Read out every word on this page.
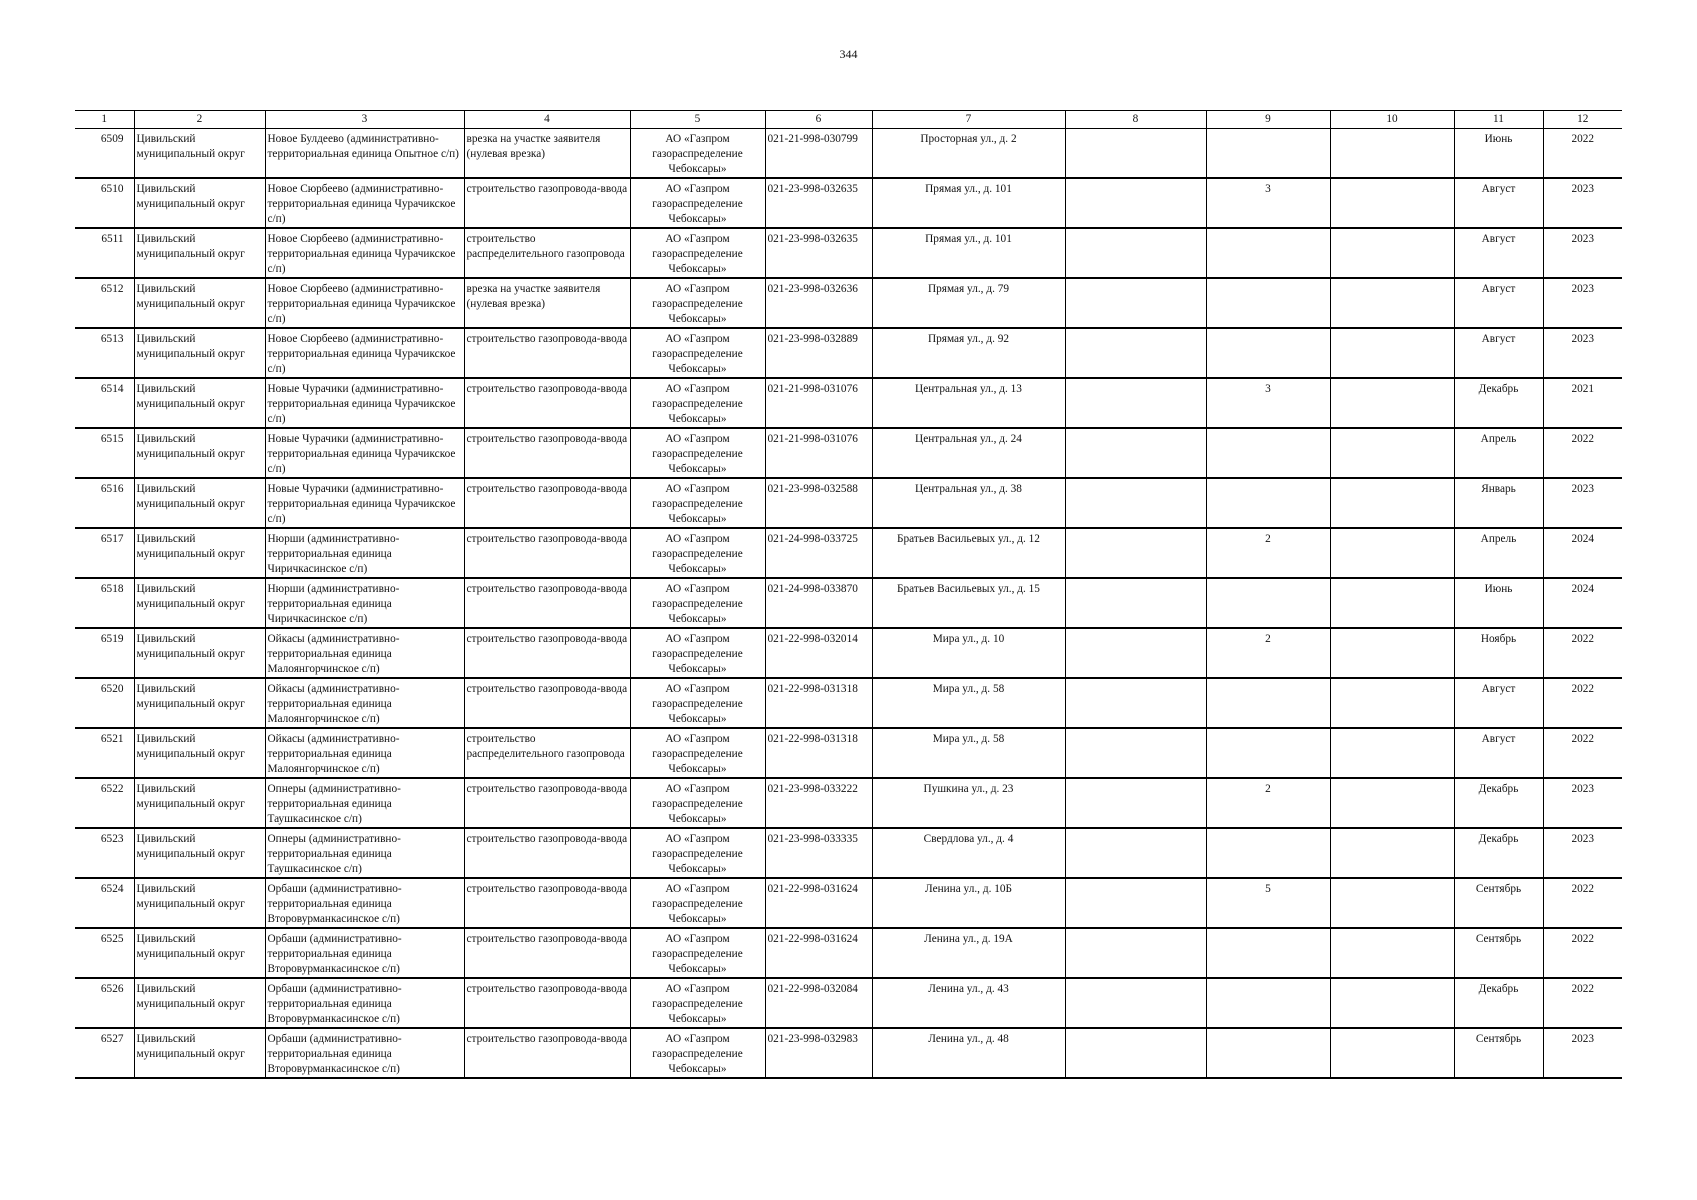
344
1	2	3	4	5	6	7	8	9	10	11	12
6509	Цивильский муниципальный округ	Новое Булдеево (административно-территориальная единица Опытное с/п)	врезка на участке заявителя (нулевая врезка)	АО «Газпром газораспределение Чебоксары»	021-21-998-030799	Просторная ул., д. 2				Июнь	2022
6510	Цивильский муниципальный округ	Новое Сюрбеево (административно-территориальная единица Чурачикское с/п)	строительство газопровода-ввода	АО «Газпром газораспределение Чебоксары»	021-23-998-032635	Прямая ул., д. 101		3		Август	2023
6511	Цивильский муниципальный округ	Новое Сюрбеево (административно-территориальная единица Чурачикское с/п)	строительство распределительного газопровода	АО «Газпром газораспределение Чебоксары»	021-23-998-032635	Прямая ул., д. 101				Август	2023
6512	Цивильский муниципальный округ	Новое Сюрбеево (административно-территориальная единица Чурачикское с/п)	врезка на участке заявителя (нулевая врезка)	АО «Газпром газораспределение Чебоксары»	021-23-998-032636	Прямая ул., д. 79				Август	2023
6513	Цивильский муниципальный округ	Новое Сюрбеево (административно-территориальная единица Чурачикское с/п)	строительство газопровода-ввода	АО «Газпром газораспределение Чебоксары»	021-23-998-032889	Прямая ул., д. 92				Август	2023
6514	Цивильский муниципальный округ	Новые Чурачики (административно-территориальная единица Чурачикское с/п)	строительство газопровода-ввода	АО «Газпром газораспределение Чебоксары»	021-21-998-031076	Центральная ул., д. 13		3		Декабрь	2021
6515	Цивильский муниципальный округ	Новые Чурачики (административно-территориальная единица Чурачикское с/п)	строительство газопровода-ввода	АО «Газпром газораспределение Чебоксары»	021-21-998-031076	Центральная ул., д. 24				Апрель	2022
6516	Цивильский муниципальный округ	Новые Чурачики (административно-территориальная единица Чурачикское с/п)	строительство газопровода-ввода	АО «Газпром газораспределение Чебоксары»	021-23-998-032588	Центральная ул., д. 38				Январь	2023
6517	Цивильский муниципальный округ	Нюрши (административно-территориальная единица Чиричкасинское с/п)	строительство газопровода-ввода	АО «Газпром газораспределение Чебоксары»	021-24-998-033725	Братьев Васильевых ул., д. 12		2		Апрель	2024
6518	Цивильский муниципальный округ	Нюрши (административно-территориальная единица Чиричкасинское с/п)	строительство газопровода-ввода	АО «Газпром газораспределение Чебоксары»	021-24-998-033870	Братьев Васильевых ул., д. 15				Июнь	2024
6519	Цивильский муниципальный округ	Ойкасы (административно-территориальная единица Малоянгорчинское с/п)	строительство газопровода-ввода	АО «Газпром газораспределение Чебоксары»	021-22-998-032014	Мира ул., д. 10		2		Ноябрь	2022
6520	Цивильский муниципальный округ	Ойкасы (административно-территориальная единица Малоянгорчинское с/п)	строительство газопровода-ввода	АО «Газпром газораспределение Чебоксары»	021-22-998-031318	Мира ул., д. 58				Август	2022
6521	Цивильский муниципальный округ	Ойкасы (административно-территориальная единица Малоянгорчинское с/п)	строительство распределительного газопровода	АО «Газпром газораспределение Чебоксары»	021-22-998-031318	Мира ул., д. 58				Август	2022
6522	Цивильский муниципальный округ	Опнеры (административно-территориальная единица Таушкасинское с/п)	строительство газопровода-ввода	АО «Газпром газораспределение Чебоксары»	021-23-998-033222	Пушкина ул., д. 23		2		Декабрь	2023
6523	Цивильский муниципальный округ	Опнеры (административно-территориальная единица Таушкасинское с/п)	строительство газопровода-ввода	АО «Газпром газораспределение Чебоксары»	021-23-998-033335	Свердлова ул., д. 4				Декабрь	2023
6524	Цивильский муниципальный округ	Орбаши (административно-территориальная единица Второвурманкасинское с/п)	строительство газопровода-ввода	АО «Газпром газораспределение Чебоксары»	021-22-998-031624	Ленина ул., д. 10Б		5		Сентябрь	2022
6525	Цивильский муниципальный округ	Орбаши (административно-территориальная единица Второвурманкасинское с/п)	строительство газопровода-ввода	АО «Газпром газораспределение Чебоксары»	021-22-998-031624	Ленина ул., д. 19А				Сентябрь	2022
6526	Цивильский муниципальный округ	Орбаши (административно-территориальная единица Второвурманкасинское с/п)	строительство газопровода-ввода	АО «Газпром газораспределение Чебоксары»	021-22-998-032084	Ленина ул., д. 43				Декабрь	2022
6527	Цивильский муниципальный округ	Орбаши (административно-территориальная единица Второвурманкасинское с/п)	строительство газопровода-ввода	АО «Газпром газораспределение Чебоксары»	021-23-998-032983	Ленина ул., д. 48				Сентябрь	2023
